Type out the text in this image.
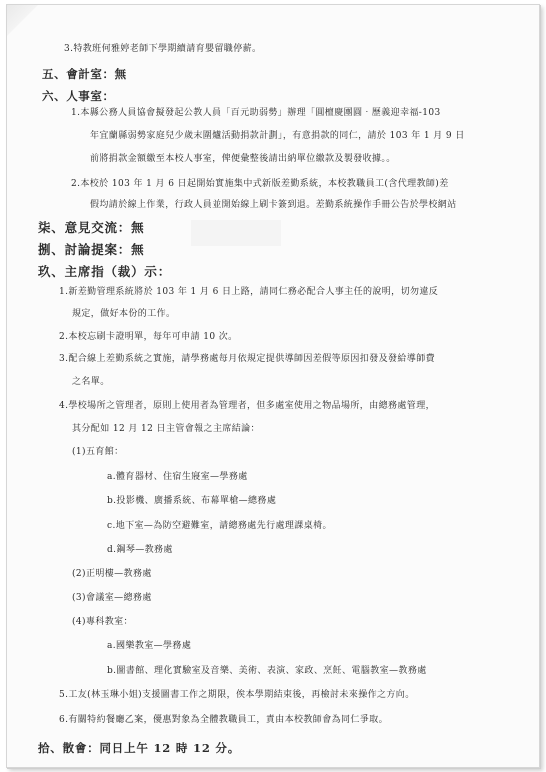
3.特教班何雅婷老師下學期續請育嬰留職停薪。
五、會計室：無
六、人事室：
1.本縣公務人員協會擬發起公教人員「百元助弱勢」辦理「圓檀慶團圓‧歷義迎幸福-103
年宜蘭縣弱勢家庭兒少歲末圍爐活動捐款計劃」，有意捐款的同仁，請於 103 年 1 月 9 日
前將捐款金額繳至本校人事室，俾便彙整後請出納單位繳款及製發收據。。
2.本校於 103 年 1 月 6 日起開始實施集中式新版差勤系統，本校教職員工(含代理教師)差
假均請於線上作業，行政人員並開始線上刷卡簽到退。差勤系統操作手冊公告於學校網站
柒、意見交流：無
捌、討論提案：無
玖、主席指（裁）示：
1.新差勤管理系統將於 103 年 1 月 6 日上路，請同仁務必配合人事主任的說明，切勿違反
規定，做好本份的工作。
2.本校忘刷卡證明單，每年可申請 10 次。
3.配合線上差勤系統之實施，請學務處每月依規定提供導師因差假等原因扣發及發給導師費
之名單。
4.學校場所之管理者，原則上使用者為管理者，但多處室使用之物品場所，由總務處管理，
其分配如 12 月 12 日主管會報之主席結論：
(1)五育館：
a.體育器材、住宿生寢室—學務處
b.投影機、廣播系統、布幕單槍—總務處
c.地下室—為防空避難室，請總務處先行處理課桌椅。
d.鋼琴—教務處
(2)正明樓—教務處
(3)會議室—總務處
(4)專科教室：
a.國樂教室—學務處
b.圖書館、理化實驗室及音樂、美術、表演、家政、烹飪、電腦教室—教務處
5.工友(林玉琳小姐)支援圖書工作之期限，俟本學期結束後，再檢討未來操作之方向。
6.有關特約餐廳乙案，優惠對象為全體教職員工，責由本校教師會為同仁爭取。
拾、散會：同日上午 12 時 12 分。
